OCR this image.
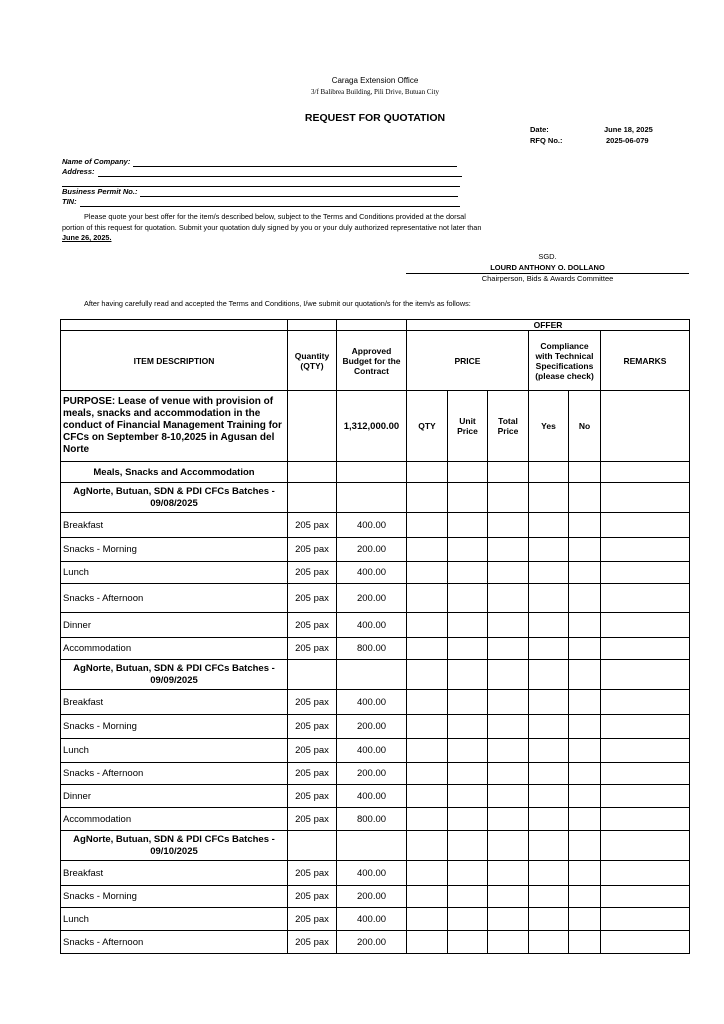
Caraga Extension Office
3/f Balibrea Building, Pili Drive, Butuan City
REQUEST FOR QUOTATION
Date:	June 18, 2025
RFQ No.:	2025-06-079
Name of Company:
Address:
Business Permit No.:
TIN:
Please quote your best offer for the item/s described below, subject to the Terms and Conditions provided at the dorsal portion of this request for quotation. Submit your quotation duly signed by you or your duly authorized representative not later than June 26, 2025.
SGD.
LOURD ANTHONY O. DOLLANO
Chairperson, Bids & Awards Committee
After having carefully read and accepted the Terms and Conditions, I/we submit our quotation/s for the item/s as follows:
			OFFER					
ITEM DESCRIPTION	Quantity (QTY)	Approved Budget for the Contract	PRICE			Compliance with Technical Specifications (please check)		REMARKS
PURPOSE: Lease of venue with provision of meals, snacks and accommodation in the conduct of Financial Management Training for CFCs on September 8-10,2025 in Agusan del Norte		1,312,000.00	QTY	Unit Price	Total Price	Yes	No	
Meals, Snacks and Accommodation								
AgNorte, Butuan, SDN & PDI CFCs Batches - 09/08/2025								
Breakfast	205 pax	400.00						
Snacks - Morning	205 pax	200.00						
Lunch	205 pax	400.00						
Snacks - Afternoon	205 pax	200.00						
Dinner	205 pax	400.00						
Accommodation	205 pax	800.00						
AgNorte, Butuan, SDN & PDI CFCs Batches - 09/09/2025								
Breakfast	205 pax	400.00						
Snacks - Morning	205 pax	200.00						
Lunch	205 pax	400.00						
Snacks - Afternoon	205 pax	200.00						
Dinner	205 pax	400.00						
Accommodation	205 pax	800.00						
AgNorte, Butuan, SDN & PDI CFCs Batches - 09/10/2025								
Breakfast	205 pax	400.00						
Snacks - Morning	205 pax	200.00						
Lunch	205 pax	400.00						
Snacks - Afternoon	205 pax	200.00						
